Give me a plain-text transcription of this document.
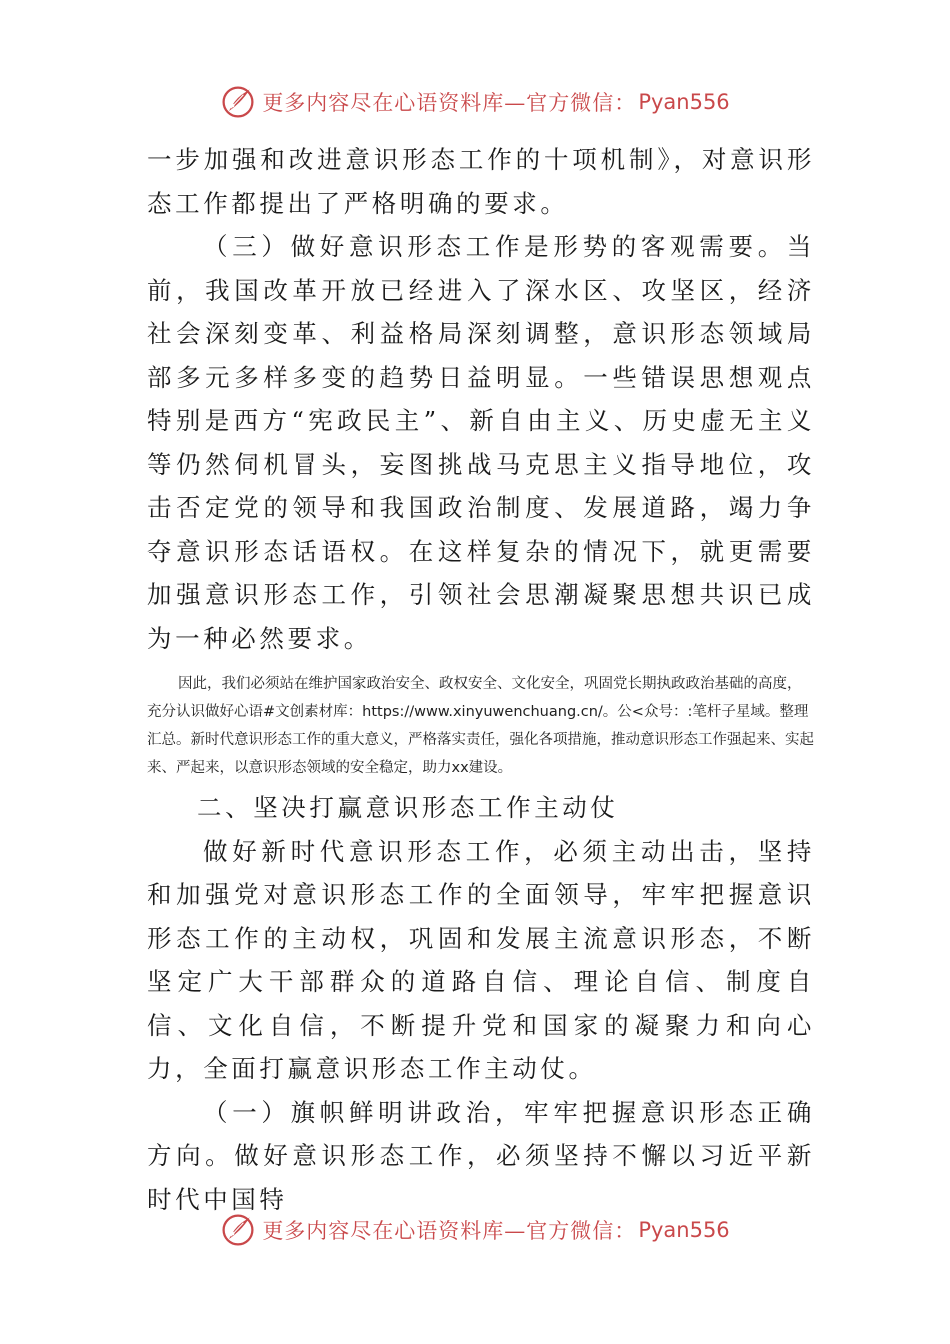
更多内容尽在心语资料库—官方微信： Pyan556

一步加强和改进意识形态工作的十项机制》，对意识形态工作都提出了严格明确的要求。

（三）做好意识形态工作是形势的客观需要。当前，我国改革开放已经进入了深水区、攻坚区，经济社会深刻变革、利益格局深刻调整，意识形态领域局部多元多样多变的趋势日益明显。一些错误思想观点特别是西方“宪政民主”、新自由主义、历史虚无主义等仍然伺机冒头，妄图挑战马克思主义指导地位，攻击否定党的领导和我国政治制度、发展道路，竭力争夺意识形态话语权。在这样复杂的情况下，就更需要加强意识形态工作，引领社会思潮凝聚思想共识已成为一种必然要求。

因此，我们必须站在维护国家政治安全、政权安全、文化安全，巩固党长期执政政治基础的高度，充分认识做好心语#文创素材库：https://www.xinyuwenchuang.cn/。公<众号：:笔杆子星域。整理汇总。新时代意识形态工作的重大意义，严格落实责任，强化各项措施，推动意识形态工作强起来、实起来、严起来，以意识形态领域的安全稳定，助力xx建设。

二、坚决打赢意识形态工作主动仗

做好新时代意识形态工作，必须主动出击，坚持和加强党对意识形态工作的全面领导，牢牢把握意识形态工作的主动权，巩固和发展主流意识形态，不断坚定广大干部群众的道路自信、理论自信、制度自信、文化自信，不断提升党和国家的凝聚力和向心力，全面打赢意识形态工作主动仗。

（一）旗帜鲜明讲政治，牢牢把握意识形态正确方向。做好意识形态工作，必须坚持不懈以习近平新时代中国特

更多内容尽在心语资料库—官方微信： Pyan556
